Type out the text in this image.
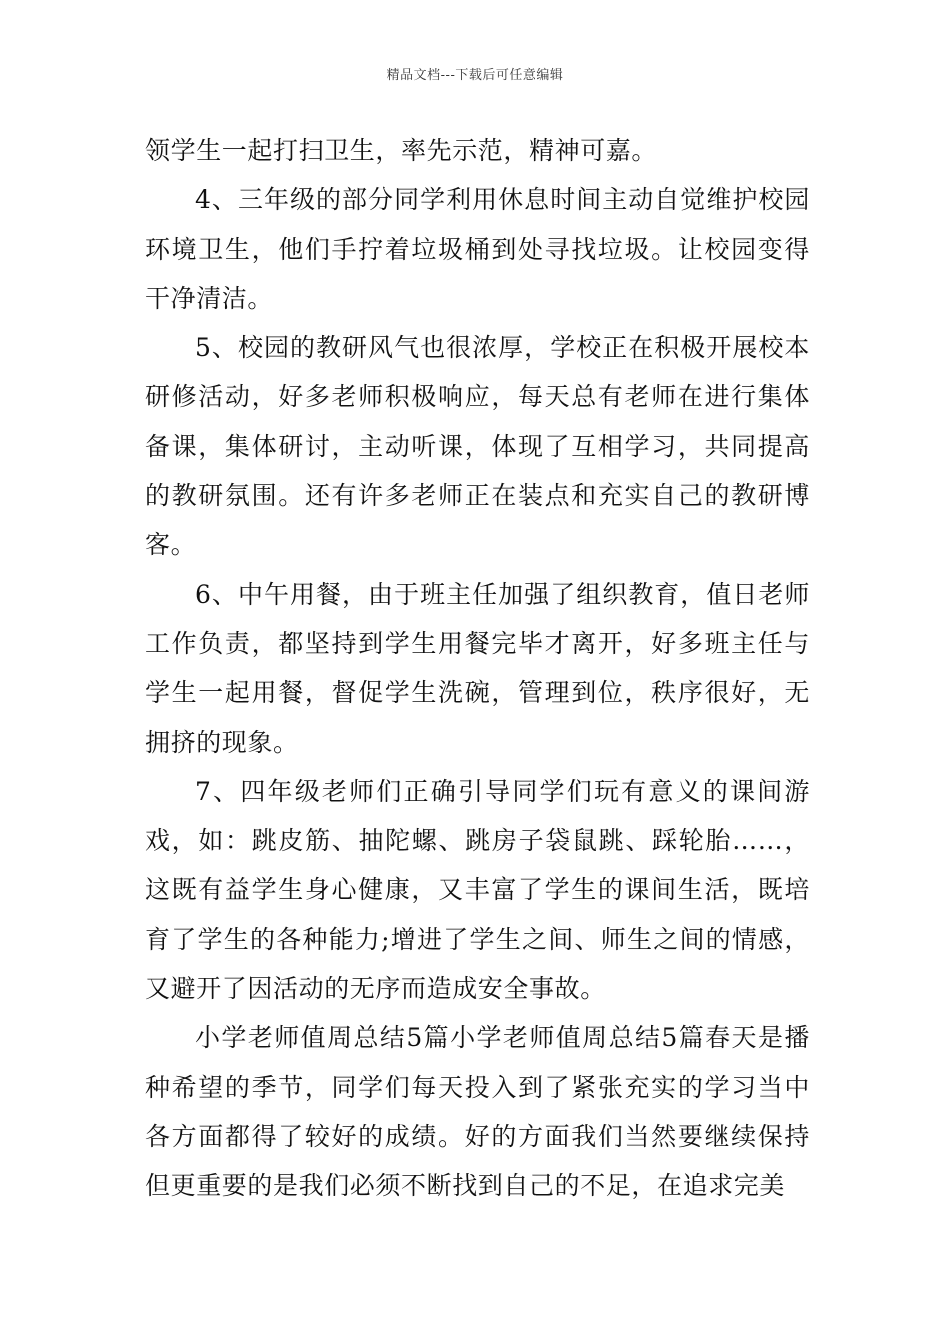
精品文档---下载后可任意编辑

领学生一起打扫卫生，率先示范，精神可嘉。

4、三年级的部分同学利用休息时间主动自觉维护校园环境卫生，他们手拧着垃圾桶到处寻找垃圾。让校园变得干净清洁。

5、校园的教研风气也很浓厚，学校正在积极开展校本研修活动，好多老师积极响应，每天总有老师在进行集体备课，集体研讨，主动听课，体现了互相学习，共同提高的教研氛围。还有许多老师正在装点和充实自己的教研博客。

6、中午用餐，由于班主任加强了组织教育，值日老师工作负责，都坚持到学生用餐完毕才离开，好多班主任与学生一起用餐，督促学生洗碗，管理到位，秩序很好，无拥挤的现象。

7、四年级老师们正确引导同学们玩有意义的课间游戏，如：跳皮筋、抽陀螺、跳房子袋鼠跳、踩轮胎……，这既有益学生身心健康，又丰富了学生的课间生活，既培育了学生的各种能力;增进了学生之间、师生之间的情感，又避开了因活动的无序而造成安全事故。

小学老师值周总结5篇小学老师值周总结5篇春天是播种希望的季节，同学们每天投入到了紧张充实的学习当中各方面都得了较好的成绩。好的方面我们当然要继续保持但更重要的是我们必须不断找到自己的不足，在追求完美
